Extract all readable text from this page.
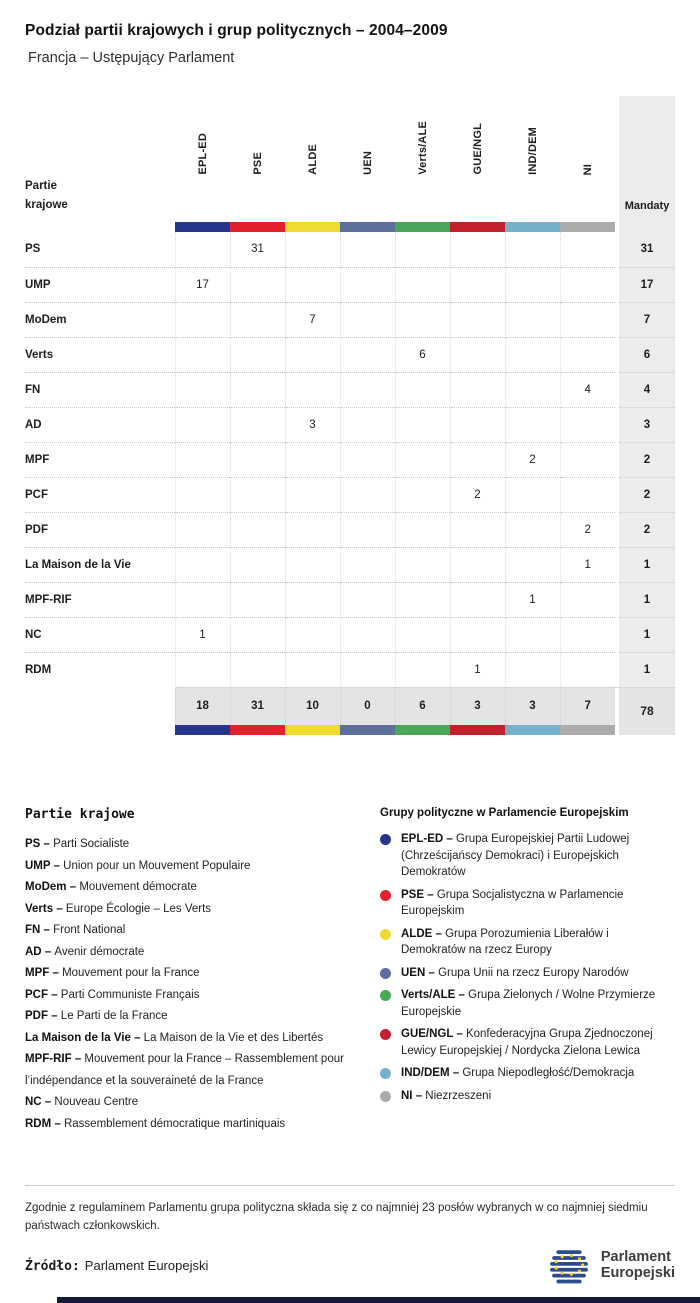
Podział partii krajowych i grup politycznych – 2004–2009
Francja – Ustępujący Parlament
Partie krajowe	EPL-ED	PSE	ALDE	UEN	Verts/ALE	GUE/NGL	IND/DEM	NI		Mandaty

PS		31								31
UMP	17									17
MoDem			7							7
Verts					6					6
FN								4		4
AD			3							3
MPF							2			2
PCF						2				2
PDF								2		2
La Maison de la Vie								1		1
MPF-RIF							1			1
NC	1									1
RDM						1				1
	18	31	10	0	6	3	3	7		78

Partie krajowe
PS – Parti Socialiste
UMP – Union pour un Mouvement Populaire
MoDem – Mouvement démocrate
Verts – Europe Écologie – Les Verts
FN – Front National
AD – Avenir démocrate
MPF – Mouvement pour la France
PCF – Parti Communiste Français
PDF – Le Parti de la France
La Maison de la Vie – La Maison de la Vie et des Libertés
MPF-RIF – Mouvement pour la France – Rassemblement pour l’indépendance et la souveraineté de la France
NC – Nouveau Centre
RDM – Rassemblement démocratique martiniquais
Grupy polityczne w Parlamencie Europejskim
EPL-ED – Grupa Europejskiej Partii Ludowej (Chrześcijańscy Demokraci) i Europejskich Demokratów
PSE – Grupa Socjalistyczna w Parlamencie Europejskim
ALDE – Grupa Porozumienia Liberałów i Demokratów na rzecz Europy
UEN – Grupa Unii na rzecz Europy Narodów
Verts/ALE – Grupa Zielonych / Wolne Przymierze Europejskie
GUE/NGL – Konfederacyjna Grupa Zjednoczonej Lewicy Europejskiej / Nordycka Zielona Lewica
IND/DEM – Grupa Niepodległość/Demokracja
NI – Niezrzeszeni
Zgodnie z regulaminem Parlamentu grupa polityczna składa się z co najmniej 23 posłów wybranych w co najmniej siedmiu państwach członkowskich.
Źródło: Parlament Europejski
Parlament
Europejski
